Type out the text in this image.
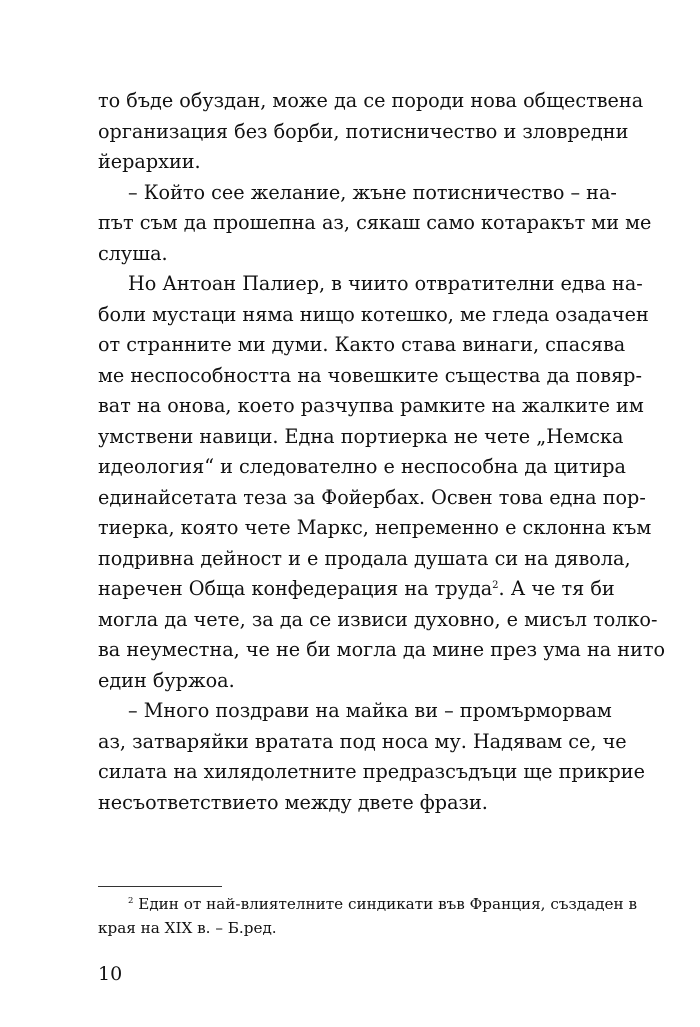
то бъде обуздан, може да се породи нова обществена
организация без борби, потисничество и зловредни
йерархии.
– Който сее желание, жъне потисничество – на-
път съм да прошепна аз, сякаш само котаракът ми ме
слуша.
Но Антоан Палиер, в чиито отвратителни едва на-
боли мустаци няма нищо котешко, ме гледа озадачен
от странните ми думи. Както става винаги, спасява
ме неспособността на човешките същества да повяр-
ват на онова, което разчупва рамките на жалките им
умствени навици. Една портиерка не чете „Немска
идеология“ и следователно е неспособна да цитира
единайсетата теза за Фойербах. Освен това една пор-
тиерка, която чете Маркс, непременно е склонна към
подривна дейност и е продала душата си на дявола,
наречен Обща конфедерация на труда$^2$. А че тя би
могла да чете, за да се извиси духовно, е мисъл толко-
ва неуместна, че не би могла да мине през ума на нито
един буржоа.
– Много поздрави на майка ви – промърморвам
аз, затваряйки вратата под носа му. Надявам се, че
силата на хилядолетните предразсъдъци ще прикрие
несъответствието между двете фрази.
$^2$ Един от най-влиятелните синдикати във Франция, създаден в
края на XIX в. – Б.ред.
10
